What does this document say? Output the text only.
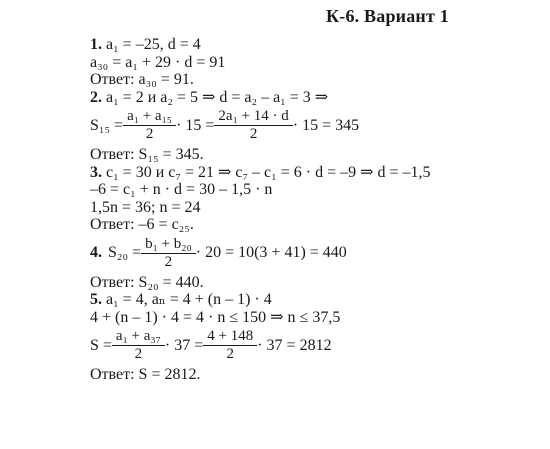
К-6. Вариант 1
1. a₁ = –25, d = 4
a₃₀ = a₁ + 29 · d = 91
Ответ: a₃₀ = 91.
2. a₁ = 2 и a₂ = 5 ⇒ d = a₂ – a₁ = 3 ⇒
$S_{15} = \frac{\text{a₁ + a₁₅}}{2} \cdot 15 = \frac{\text{2a₁ + 14 · d}}{2} \cdot 15 = 345$
Ответ: S₁₅ = 345.
3. c₁ = 30 и c₇ = 21 ⇒ c₇ – c₁ = 6 · d = –9 ⇒ d = –1,5
–6 = c₁ + n · d = 30 – 1,5 · n
1,5n = 36; n = 24
Ответ: –6 = c₂₅.
4. $S_{20} = \frac{\text{b₁ + b₂₀}}{2} \cdot 20 = 10(3 + 41) = 440$
Ответ: S₂₀ = 440.
5. a₁ = 4, aₙ = 4 + (n – 1) · 4
4 + (n – 1) · 4 = 4 · n ≤ 150 ⇒ n ≤ 37,5
$S = \frac{\text{a₁ + a₃₇}}{2} \cdot 37 = \frac{4 + 148}{2} \cdot 37 = 2812$
Ответ: S = 2812.
